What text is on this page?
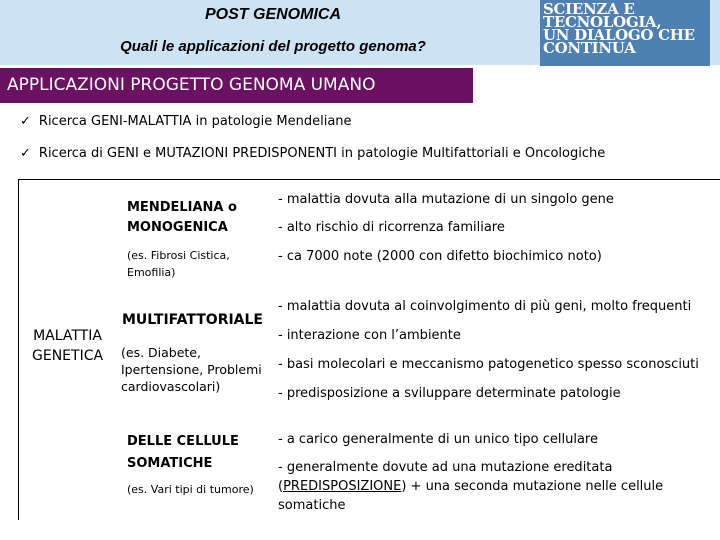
POST GENOMICA
Quali le applicazioni del progetto genoma?
SCIENZA E
TECNOLOGIA,
UN DIALOGO CHE
CONTINUA
APPLICAZIONI PROGETTO GENOMA UMANO
✓ Ricerca GENI-MALATTIA in patologie Mendeliane
✓ Ricerca di GENI e MUTAZIONI PREDISPONENTI in patologie Multifattoriali e Oncologiche
MALATTIA
GENETICA
MENDELIANA o
MONOGENICA
(es. Fibrosi Cistica,
Emofilia)
- malattia dovuta alla mutazione di un singolo gene
- alto rischio di ricorrenza familiare
- ca 7000 note (2000 con difetto biochimico noto)
MULTIFATTORIALE
(es. Diabete,
Ipertensione, Problemi
cardiovascolari)
- malattia dovuta al coinvolgimento di più geni, molto frequenti
- interazione con l’ambiente
- basi molecolari e meccanismo patogenetico spesso sconosciuti
- predisposizione a sviluppare determinate patologie
DELLE CELLULE
SOMATICHE
(es. Vari tipi di tumore)
- a carico generalmente di un unico tipo cellulare
- generalmente dovute ad una mutazione ereditata
(PREDISPOSIZIONE) + una seconda mutazione nelle cellule
somatiche
